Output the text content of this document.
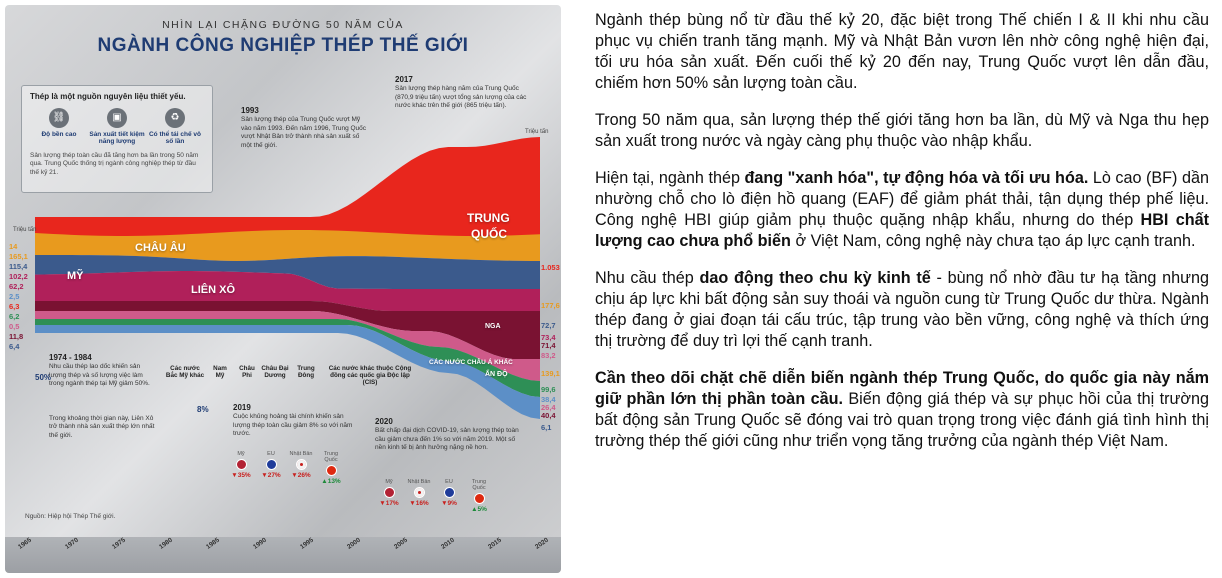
NHÌN LẠI CHẶNG ĐƯỜNG 50 NĂM CỦA
NGÀNH CÔNG NGHIỆP THÉP THẾ GIỚI
Thép là một nguồn nguyên liệu thiết yếu.
⛓
Độ bền cao
▣
Sản xuất tiết kiệm năng lượng
♻
Có thể tái chế vô số lần
Sản lượng thép toàn cầu đã tăng hơn ba lần trong 50 năm qua. Trung Quốc thống trị ngành công nghiệp thép từ đầu thế kỷ 21.
1993
Sản lượng thép của Trung Quốc vượt Mỹ vào năm 1993. Đến năm 1996, Trung Quốc vượt Nhật Bản trở thành nhà sản xuất số một thế giới.
2017
Sản lượng thép hàng năm của Trung Quốc (870,9 triệu tấn) vượt tổng sản lượng của các nước khác trên thế giới (865 triệu tấn).
1974 - 1984
Nhu cầu thép lao dốc khiến sản lượng thép và số lượng việc làm trong ngành thép tại Mỹ giảm 50%.
50%
Trong khoảng thời gian này, Liên Xô trở thành nhà sản xuất thép lớn nhất thế giới.
2019
Cuộc khủng hoảng tài chính khiến sản lượng thép toàn cầu giảm 8% so với năm trước.
8%
2020
Bất chấp đại dịch COVID-19, sản lượng thép toàn cầu giảm chưa đến 1% so với năm 2019. Một số nền kinh tế bị ảnh hưởng nặng nề hơn.
Triệu tấn
Triệu tấn
14
165,1
115,4
102,2
62,2
2,5
6,3
6,2
0,5
11,8
6,4
1.053
177,6
72,7
73,4
71,4
83,2
139,1
99,6
38,4
26,4
40,4
6,1
CHÂU ÂU
MỸ
LIÊN XÔ
TRUNG
QUỐC
NGA
CÁC NƯỚC CHÂU Á KHÁC
ẤN ĐỘ
Các nước Bắc Mỹ khác
Nam Mỹ
Châu Phi
Châu Đại Dương
Trung Đông
Các nước khác thuộc Cộng đồng các quốc gia Độc lập (CIS)
Mỹ
▼35%
EU
▼27%
Nhật Bản
▼26%
Trung Quốc
▲13%	Mỹ
▼17%
Nhật Bản
▼16%
EU
▼9%
Trung Quốc
▲5%
Nguồn: Hiệp hội Thép Thế giới.
1965	1970	1975	1980	1985	1990	1995	2000	2005	2010	2015	2020

Ngành thép bùng nổ từ đầu thế kỷ 20, đặc biệt trong Thế chiến I & II khi nhu cầu phục vụ chiến tranh tăng mạnh. Mỹ và Nhật Bản vươn lên nhờ công nghệ hiện đại, tối ưu hóa sản xuất. Đến cuối thế kỷ 20 đến nay, Trung Quốc vượt lên dẫn đầu, chiếm hơn 50% sản lượng toàn cầu.

Trong 50 năm qua, sản lượng thép thế giới tăng hơn ba lần, dù Mỹ và Nga thu hẹp sản xuất trong nước và ngày càng phụ thuộc vào nhập khẩu.

Hiện tại, ngành thép đang "xanh hóa", tự động hóa và tối ưu hóa. Lò cao (BF) dần nhường chỗ cho lò điện hồ quang (EAF) để giảm phát thải, tận dụng thép phế liệu. Công nghệ HBI giúp giảm phụ thuộc quặng nhập khẩu, nhưng do thép HBI chất lượng cao chưa phổ biến ở Việt Nam, công nghệ này chưa tạo áp lực cạnh tranh.

Nhu cầu thép dao động theo chu kỳ kinh tế - bùng nổ nhờ đầu tư hạ tầng nhưng chịu áp lực khi bất động sản suy thoái và nguồn cung từ Trung Quốc dư thừa. Ngành thép đang ở giai đoạn tái cấu trúc, tập trung vào bền vững, công nghệ và thích ứng thị trường để duy trì lợi thế cạnh tranh.

Cần theo dõi chặt chẽ diễn biến ngành thép Trung Quốc, do quốc gia này nắm giữ phần lớn thị phần toàn cầu. Biến động giá thép và sự phục hồi của thị trường bất động sản Trung Quốc sẽ đóng vai trò quan trọng trong việc đánh giá tình hình thị trường thép thế giới cũng như triển vọng tăng trưởng của ngành thép Việt Nam.
